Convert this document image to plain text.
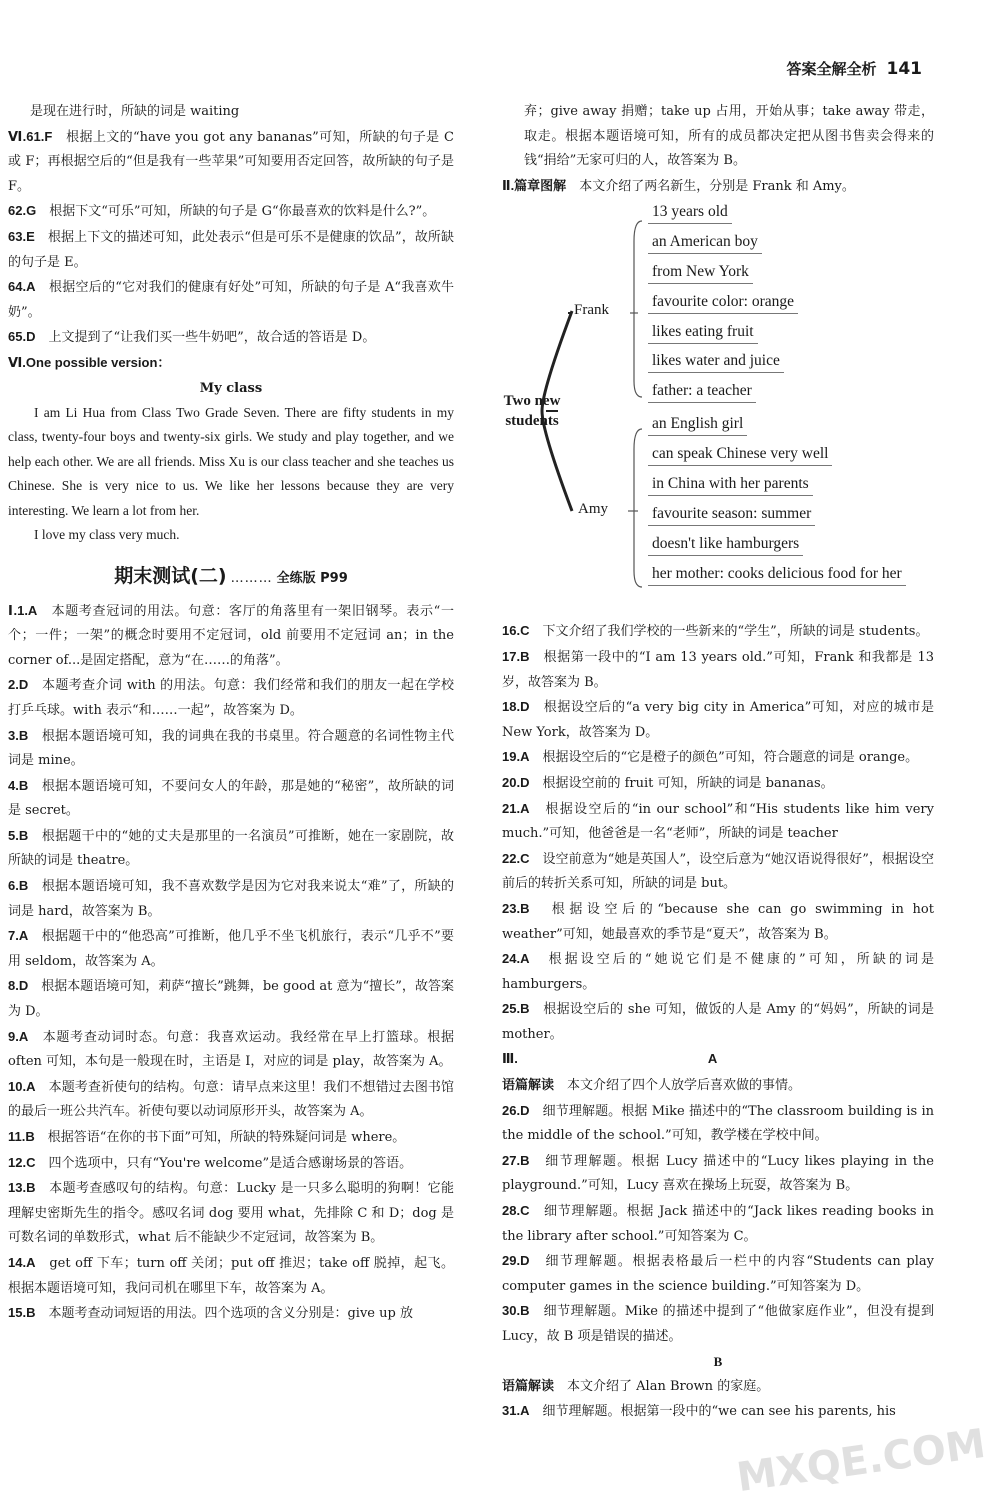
答案全解全析 141

是现在进行时，所缺的词是 waiting

Ⅵ.61.F　 根据上文的“have you got any bananas”可知，所缺的句子是 C 或 F；再根据空后的“但是我有一些苹果”可知要用否定回答，故所缺的句子是 F。

62.G　 根据下文“可乐”可知，所缺的句子是 G“你最喜欢的饮料是什么?”。

63.E　 根据上下文的描述可知，此处表示“但是可乐不是健康的饮品”，故所缺的句子是 E。

64.A　 根据空后的“它对我们的健康有好处”可知，所缺的句子是 A“我喜欢牛奶”。

65.D　 上文提到了“让我们买一些牛奶吧”，故合适的答语是 D。

Ⅵ.One possible version：

My class

I am Li Hua from Class Two Grade Seven. There are fifty students in my class, twenty-four boys and twenty-six girls. We study and play together, and we help each other. We are all friends. Miss Xu is our class teacher and she teaches us Chinese. She is very nice to us. We like her lessons because they are very interesting. We learn a lot from her.

I love my class very much.

期末测试(二) ……… 全练版 P99

Ⅰ.1.A　 本题考查冠词的用法。句意：客厅的角落里有一架旧钢琴。表示“一个；一件；一架”的概念时要用不定冠词，old 前要用不定冠词 an；in the corner of...是固定搭配，意为“在……的角落”。

2.D　 本题考查介词 with 的用法。句意：我们经常和我们的朋友一起在学校打乒乓球。with 表示“和……一起”，故答案为 D。

3.B　 根据本题语境可知，我的词典在我的书桌里。符合题意的名词性物主代词是 mine。

4.B　 根据本题语境可知，不要问女人的年龄，那是她的“秘密”，故所缺的词是 secret。

5.B　 根据题干中的“她的丈夫是那里的一名演员”可推断，她在一家剧院，故所缺的词是 theatre。

6.B　 根据本题语境可知，我不喜欢数学是因为它对我来说太“难”了，所缺的词是 hard，故答案为 B。

7.A　 根据题干中的“他恐高”可推断，他几乎不坐飞机旅行，表示“几乎不”要用 seldom，故答案为 A。

8.D　 根据本题语境可知，莉萨“擅长”跳舞，be good at 意为“擅长”，故答案为 D。

9.A　 本题考查动词时态。句意：我喜欢运动。我经常在早上打篮球。根据 often 可知，本句是一般现在时，主语是 I，对应的词是 play，故答案为 A。

10.A　 本题考查祈使句的结构。句意：请早点来这里！我们不想错过去图书馆的最后一班公共汽车。祈使句要以动词原形开头，故答案为 A。

11.B　 根据答语“在你的书下面”可知，所缺的特殊疑问词是 where。

12.C　 四个选项中，只有“You're welcome”是适合感谢场景的答语。

13.B　 本题考查感叹句的结构。句意：Lucky 是一只多么聪明的狗啊！它能理解史密斯先生的指令。感叹名词 dog 要用 what，先排除 C 和 D；dog 是可数名词的单数形式，what 后不能缺少不定冠词，故答案为 B。

14.A　 get off 下车；turn off 关闭；put off 推迟；take off 脱掉，起飞。根据本题语境可知，我问司机在哪里下车，故答案为 A。

15.B　 本题考查动词短语的用法。四个选项的含义分别是：give up 放

弃；give away 捐赠；take up 占用，开始从事；take away 带走，取走。根据本题语境可知，所有的成员都决定把从图书售卖会得来的钱“捐给”无家可归的人，故答案为 B。

Ⅱ.篇章图解　 本文介绍了两名新生，分别是 Frank 和 Amy。

Two new students
Frank
Amy
13 years old
an American boy
from New York
favourite color: orange
likes eating fruit
likes water and juice
father: a teacher
an English girl
can speak Chinese very well
in China with her parents
favourite season: summer
doesn't like hamburgers
her mother: cooks delicious food for her

16.C　 下文介绍了我们学校的一些新来的“学生”，所缺的词是 students。

17.B　 根据第一段中的“I am 13 years old.”可知，Frank 和我都是 13 岁，故答案为 B。

18.D　 根据设空后的“a very big city in America”可知，对应的城市是 New York，故答案为 D。

19.A　 根据设空后的“它是橙子的颜色”可知，符合题意的词是 orange。

20.D　 根据设空前的 fruit 可知，所缺的词是 bananas。

21.A　 根据设空后的“in our school”和“His students like him very much.”可知，他爸爸是一名“老师”，所缺的词是 teacher

22.C　 设空前意为“她是英国人”，设空后意为“她汉语说得很好”，根据设空前后的转折关系可知，所缺的词是 but。

23.B　 根据设空后的“because she can go swimming in hot weather”可知，她最喜欢的季节是“夏天”，故答案为 B。

24.A　 根据设空后的“她说它们是不健康的”可知，所缺的词是 hamburgers。

25.B　 根据设空后的 she 可知，做饭的人是 Amy 的“妈妈”，所缺的词是 mother。

Ⅲ.	A

语篇解读　 本文介绍了四个人放学后喜欢做的事情。

26.D　 细节理解题。根据 Mike 描述中的“The classroom building is in the middle of the school.”可知，教学楼在学校中间。

27.B　 细节理解题。根据 Lucy 描述中的“Lucy likes playing in the playground.”可知，Lucy 喜欢在操场上玩耍，故答案为 B。

28.C　 细节理解题。根据 Jack 描述中的“Jack likes reading books in the library after school.”可知答案为 C。

29.D　 细节理解题。根据表格最后一栏中的内容“Students can play computer games in the science building.”可知答案为 D。

30.B　 细节理解题。Mike 的描述中提到了“他做家庭作业”，但没有提到 Lucy，故 B 项是错误的描述。

B

语篇解读　 本文介绍了 Alan Brown 的家庭。

31.A　 细节理解题。根据第一段中的“we can see his parents, his

MXQE.COM
